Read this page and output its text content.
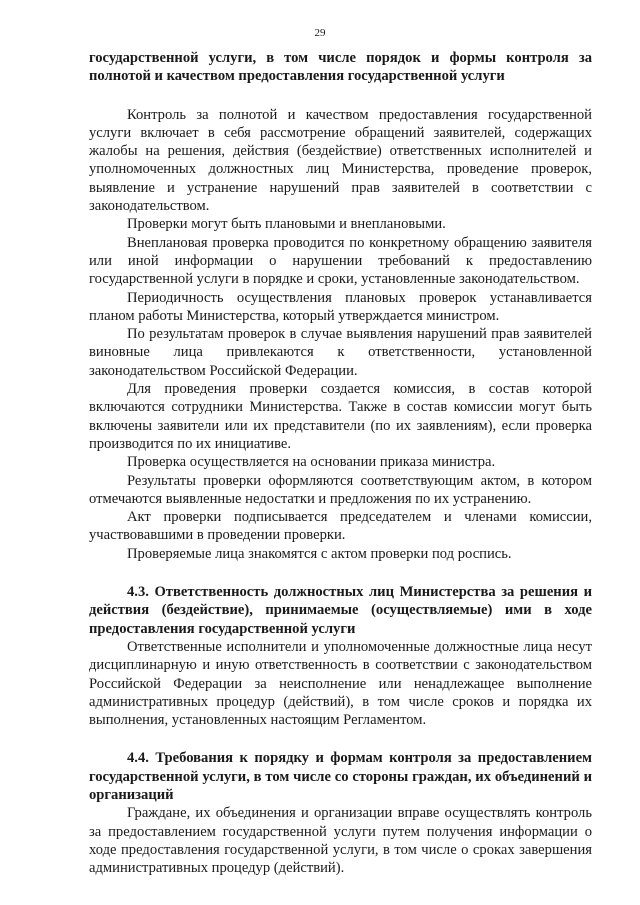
29

государственной услуги, в том числе порядок и формы контроля за полнотой и качеством предоставления государственной услуги

Контроль за полнотой и качеством предоставления государственной услуги включает в себя рассмотрение обращений заявителей, содержащих жалобы на решения, действия (бездействие) ответственных исполнителей и уполномоченных должностных лиц Министерства, проведение проверок, выявление и устранение нарушений прав заявителей в соответствии с законодательством.

Проверки могут быть плановыми и внеплановыми.

Внеплановая проверка проводится по конкретному обращению заявителя или иной информации о нарушении требований к предоставлению государственной услуги в порядке и сроки, установленные законодательством.

Периодичность осуществления плановых проверок устанавливается планом работы Министерства, который утверждается министром.

По результатам проверок в случае выявления нарушений прав заявителей виновные лица привлекаются к ответственности, установленной законодательством Российской Федерации.

Для проведения проверки создается комиссия, в состав которой включаются сотрудники Министерства. Также в состав комиссии могут быть включены заявители или их представители (по их заявлениям), если проверка производится по их инициативе.

Проверка осуществляется на основании приказа министра.

Результаты проверки оформляются соответствующим актом, в котором отмечаются выявленные недостатки и предложения по их устранению.

Акт проверки подписывается председателем и членами комиссии, участвовавшими в проведении проверки.

Проверяемые лица знакомятся с актом проверки под роспись.

4.3. Ответственность должностных лиц Министерства за решения и действия (бездействие), принимаемые (осуществляемые) ими в ходе предоставления государственной услуги

Ответственные исполнители и уполномоченные должностные лица несут дисциплинарную и иную ответственность в соответствии с законодательством Российской Федерации за неисполнение или ненадлежащее выполнение административных процедур (действий), в том числе сроков и порядка их выполнения, установленных настоящим Регламентом.

4.4. Требования к порядку и формам контроля за предоставлением государственной услуги, в том числе со стороны граждан, их объединений и организаций

Граждане, их объединения и организации вправе осуществлять контроль за предоставлением государственной услуги путем получения информации о ходе предоставления государственной услуги, в том числе о сроках завершения административных процедур (действий).
